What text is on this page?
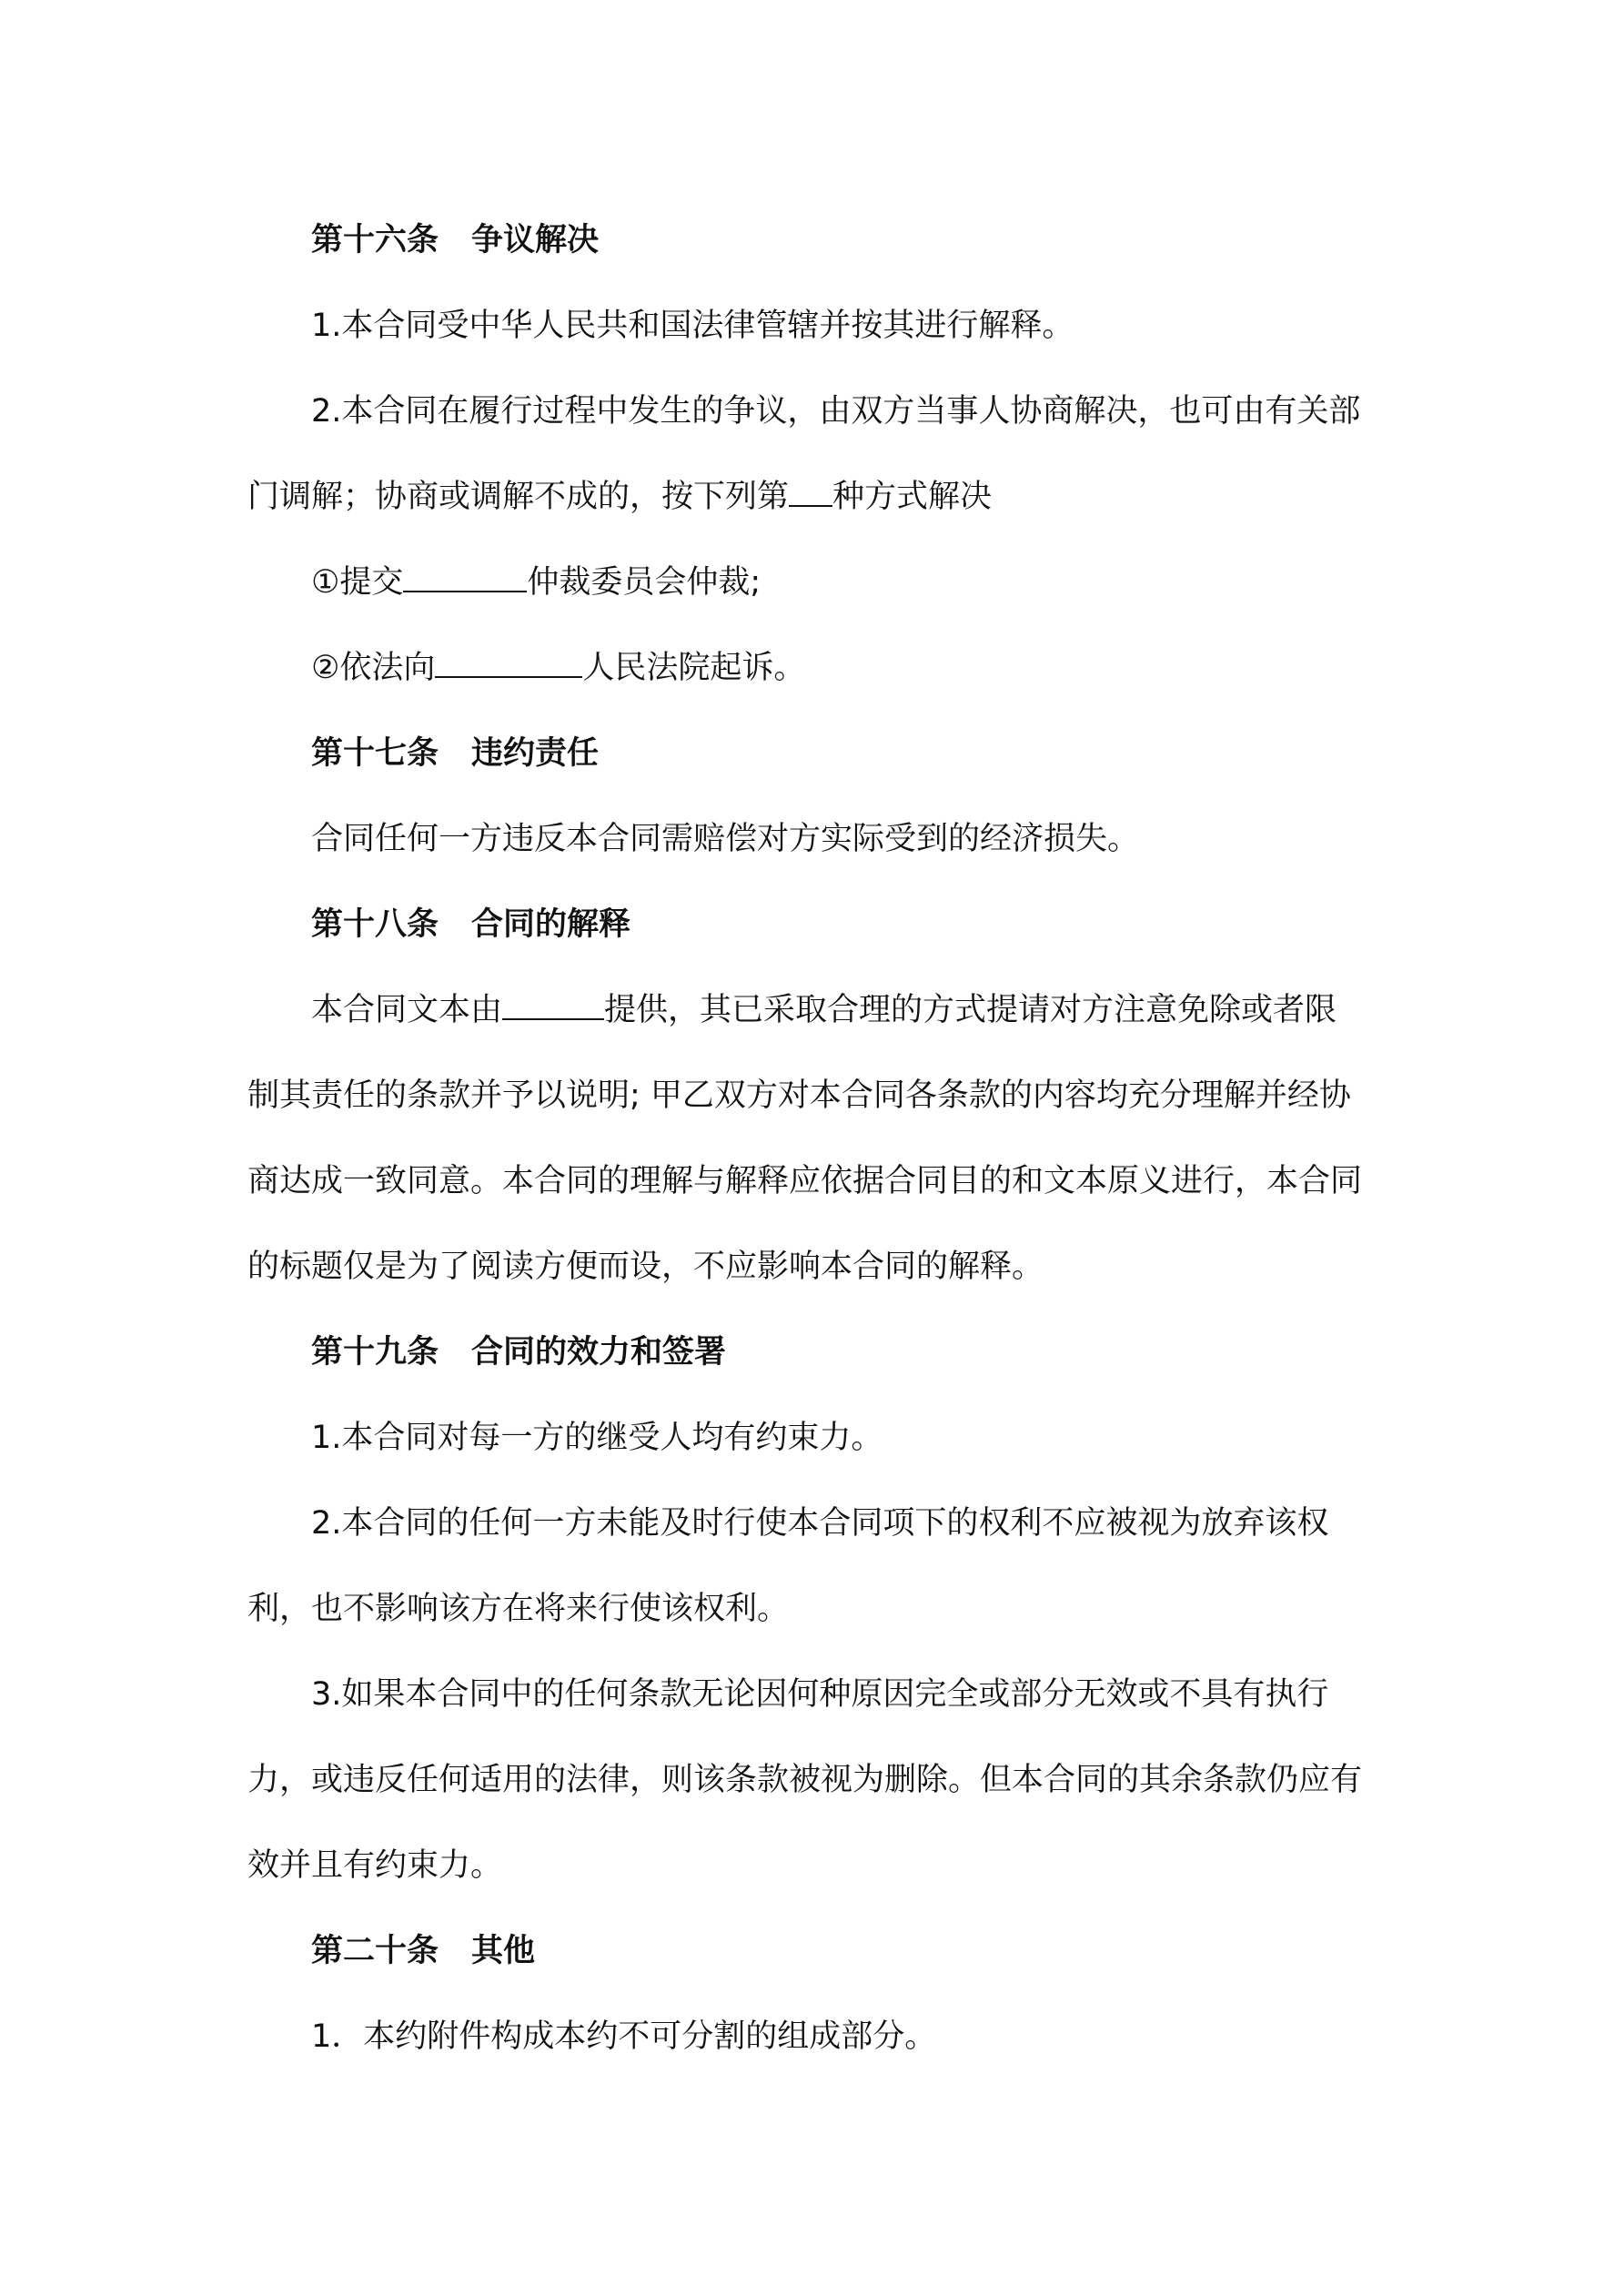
第十六条 争议解决
1.本合同受中华人民共和国法律管辖并按其进行解释。
2.本合同在履行过程中发生的争议，由双方当事人协商解决，也可由有关部
门调解；协商或调解不成的，按下列第 种方式解决
①提交	仲裁委员会仲裁;
②依法向	人民法院起诉。
第十七条 违约责任
合同任何一方违反本合同需赔偿对方实际受到的经济损失。
第十八条 合同的解释
本合同文本由	提供，其已采取合理的方式提请对方注意免除或者限
制其责任的条款并予以说明; 甲乙双方对本合同各条款的内容均充分理解并经协
商达成一致同意。本合同的理解与解释应依据合同目的和文本原义进行，本合同
的标题仅是为了阅读方便而设，不应影响本合同的解释。
第十九条 合同的效力和签署
1.本合同对每一方的继受人均有约束力。
2.本合同的任何一方未能及时行使本合同项下的权利不应被视为放弃该权
利，也不影响该方在将来行使该权利。
3.如果本合同中的任何条款无论因何种原因完全或部分无效或不具有执行
力，或违反任何适用的法律，则该条款被视为删除。但本合同的其余条款仍应有
效并且有约束力。
第二十条 其他
1．本约附件构成本约不可分割的组成部分。
